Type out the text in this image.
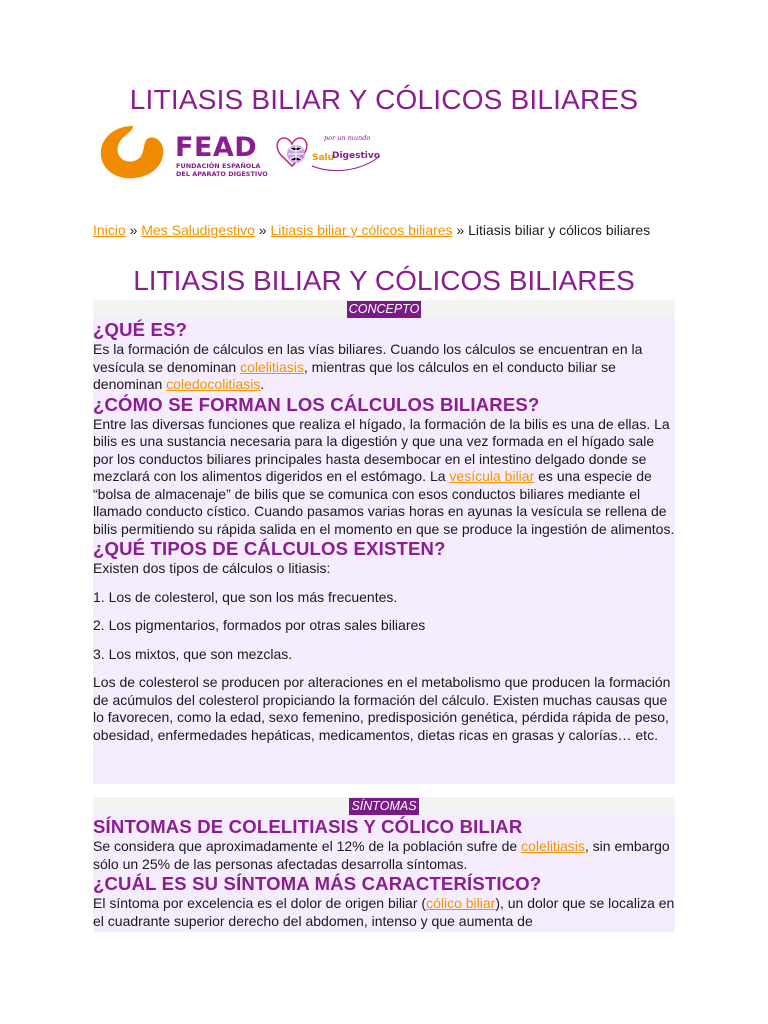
LITIASIS BILIAR Y CÓLICOS BILIARES
FEAD
FUNDACIÓN ESPAÑOLA
DEL APARATO DIGESTIVO
Salu
Digestivo
por un mundo
Inicio » Mes Saludigestivo » Litiasis biliar y cólicos biliares » Litiasis biliar y cólicos biliares
LITIASIS BILIAR Y CÓLICOS BILIARES
CONCEPTO
¿QUÉ ES?

Es la formación de cálculos en las vías biliares. Cuando los cálculos se encuentran en la vesícula se denominan colelitiasis, mientras que los cálculos en el conducto biliar se denominan coledocolitiasis.

¿CÓMO SE FORMAN LOS CÁLCULOS BILIARES?

Entre las diversas funciones que realiza el hígado, la formación de la bilis es una de ellas. La bilis es una sustancia necesaria para la digestión y que una vez formada en el hígado sale por los conductos biliares principales hasta desembocar en el intestino delgado donde se mezclará con los alimentos digeridos en el estómago. La vesícula biliar es una especie de “bolsa de almacenaje” de bilis que se comunica con esos conductos biliares mediante el llamado conducto cístico. Cuando pasamos varias horas en ayunas la vesícula se rellena de bilis permitiendo su rápida salida en el momento en que se produce la ingestión de alimentos.

¿QUÉ TIPOS DE CÁLCULOS EXISTEN?

Existen dos tipos de cálculos o litiasis:

1. Los de colesterol, que son los más frecuentes.

2. Los pigmentarios, formados por otras sales biliares

3. Los mixtos, que son mezclas.

Los de colesterol se producen por alteraciones en el metabolismo que producen la formación de acúmulos del colesterol propiciando la formación del cálculo. Existen muchas causas que lo favorecen, como la edad, sexo femenino, predisposición genética, pérdida rápida de peso, obesidad, enfermedades hepáticas, medicamentos, dietas ricas en grasas y calorías… etc.

SÍNTOMAS
SÍNTOMAS DE COLELITIASIS Y CÓLICO BILIAR

Se considera que aproximadamente el 12% de la población sufre de colelitiasis, sin embargo sólo un 25% de las personas afectadas desarrolla síntomas.

¿CUÁL ES SU SÍNTOMA MÁS CARACTERÍSTICO?

El síntoma por excelencia es el dolor de origen biliar (cólico biliar), un dolor que se localiza en el cuadrante superior derecho del abdomen, intenso y que aumenta de
